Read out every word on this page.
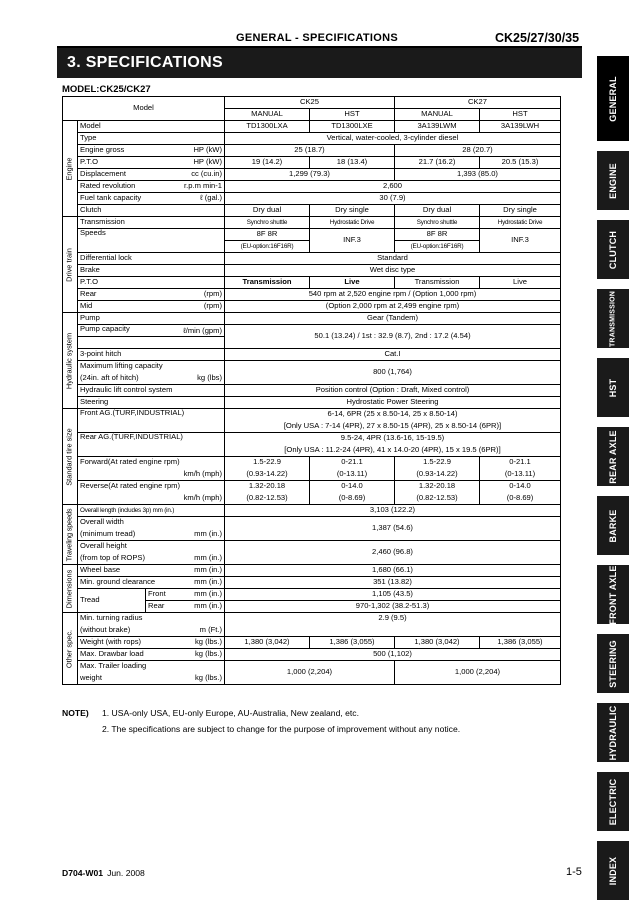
GENERAL - SPECIFICATIONS	CK25/27/30/35
3. SPECIFICATIONS
MODEL:CK25/CK27
Model				CK25		CK27	
				MANUAL	HST	MANUAL	HST

Engine	Model			TD1300LXA	TD1300LXE	3A139LWM	3A139LWH
	Type			Vertical, water-cooled, 3-cylinder diesel			
	Engine gross		HP (kW)	25 (18.7)		28 (20.7)	
	P.T.O		HP (kW)	19 (14.2)	18 (13.4)	21.7 (16.2)	20.5 (15.3)
	Displacement		cc (cu.in)	1,299 (79.3)		1,393 (85.0)	
	Rated revolution		r.p.m min-1	2,600			
	Fuel tank capacity		ℓ (gal.)	30 (7.9)			
	Clutch			Dry dual	Dry single	Dry dual	Dry single

Drive train	Transmission			Synchro shuttle	Hydrostatic Drive	Synchro shuttle	Hydrostatic Drive
	Speeds			8F 8R	INF.3	8F 8R	INF.3
				(EU-option:16F16R)		(EU-option:16F16R)	
	Differential lock			Standard			
	Brake			Wet disc type			
	P.T.O			Transmission	Live	Transmission	Live
	Rear		(rpm)	540 rpm at 2,520 engine rpm / (Option 1,000 rpm)			
	Mid		(rpm)	(Option 2,000 rpm at 2,499 engine rpm)			

Hydraulic system	Pump			Gear (Tandem)			
	Pump capacity	ℓ/min (gpm)		50.1 (13.24) / 1st : 32.9 (8.7), 2nd : 17.2 (4.54)			

	3-point hitch			Cat.I			
	Maximum lifting capacity			800 (1,764)			
	(24in. aft of hitch)		kg (lbs)				
	Hydraulic lift control system			Position control (Option : Draft, Mixed control)			
	Steering			Hydrostatic Power Steering			

Standard tire size	Front AG.(TURF,INDUSTRIAL)			6-14, 6PR (25 x 8.50-14, 25 x 8.50-14)			
				[Only USA : 7-14 (4PR), 27 x 8.50-15 (4PR), 25 x 8.50-14 (6PR)]			
	Rear AG.(TURF,INDUSTRIAL)			9.5-24, 4PR (13.6-16, 15-19.5)			
				[Only USA : 11.2-24 (4PR), 41 x 14.0-20 (4PR), 15 x 19.5 (6PR)]			
	Forward(At rated engine rpm)			1.5-22.9	0-21.1	1.5-22.9	0-21.1
	km/h (mph)			(0.93-14.22)	(0-13.11)	(0.93-14.22)	(0-13.11)
	Reverse(At rated engine rpm)			1.32-20.18	0-14.0	1.32-20.18	0-14.0
	km/h (mph)			(0.82-12.53)	(0-8.69)	(0.82-12.53)	(0-8.69)

Traveling speeds	Overall length (includes 3p) mm (in.)			3,103 (122.2)			
	Overall width			1,387 (54.6)			
	(minimum tread)		mm (in.)				
	Overall height			2,460 (96.8)			
	(from top of ROPS)		mm (in.)				

Dimensions	Wheel base		mm (in.)	1,680 (66.1)			
	Min. ground clearance		mm (in.)	351 (13.82)			
	Tread	Front	mm (in.)	1,105 (43.5)			
		Rear	mm (in.)	970-1,302 (38.2-51.3)			

Other spec.	Min. turning radius			2.9 (9.5)			
	(without brake)		m (Ft.)				
	Weight (with rops)		kg (lbs.)	1,380 (3,042)	1,386 (3,055)	1,380 (3,042)	1,386 (3,055)
	Max. Drawbar load		kg (lbs.)	500 (1,102)			
	Max. Trailer loading			1,000 (2,204)		1,000 (2,204)	
	weight		kg (lbs.)				
NOTE) 1. USA-only USA, EU-only Europe, AU-Australia, New zealand, etc.
2. The specifications are subject to change for the purpose of improvement without any notice.
D704-W01 Jun. 2008	1-5
GENERAL
ENGINE
CLUTCH
TRANSMISSION
HST
REAR AXLE
BARKE
FRONT AXLE
STEERING
HYDRAULIC
ELECTRIC
INDEX
